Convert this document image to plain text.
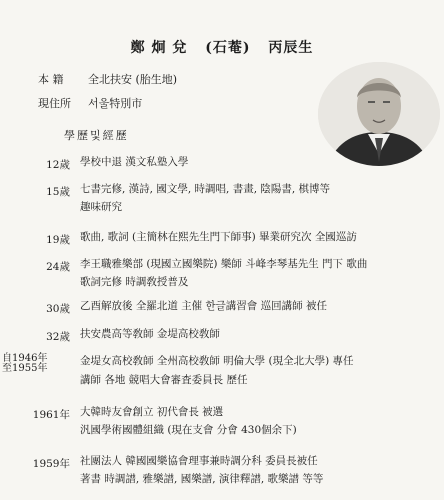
鄭 炯 兌 (石菴) 丙辰生
本 籍 全北扶安 (胎生地)
現住所 서울特別市
學歷및經歷
12歲 學校中退 漢文私塾入學
15歲 七書完修, 漢詩, 國文學, 時調唱, 書畫, 陰陽書, 棋博等
趣味研究
19歲 歌曲, 歌詞 (主簡林在熙先生門下師事) 畢業研究次 全國巡訪
24歲 李王職雅樂部 (現國立國樂院) 樂師 斗峰李琴基先生 門下 歌曲
歌詞完修 時調敎授普及
30歲 乙酉解放後 全羅北道 主催 한글講習會 巡回講師 被任
32歲 扶安農高等敎師 金堤高校敎師
自1946年
至1955年
金堤女高校敎師 全州高校敎師 明倫大學 (現全北大學) 專任
講師 各地 競唱大會審査委員長 歷任
1961年 大韓時友會創立 初代會長 被選
汎國學術國體組織 (現在支會 分會 430個余下)
1959年 社團法人 韓國國樂協會理事兼時調分科 委員長被任
著書 時調譜, 雅樂譜, 國樂譜, 演律釋譜, 歌樂譜 等等
